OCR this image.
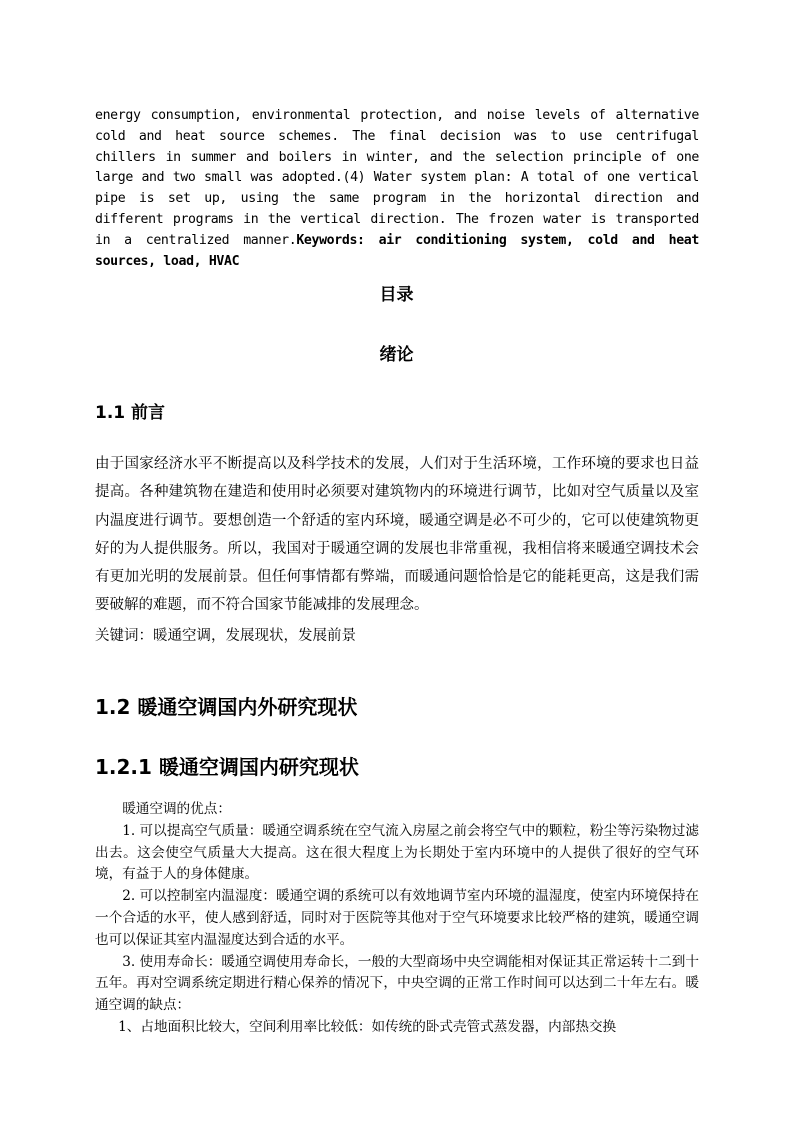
energy consumption, environmental protection, and noise levels of alternative cold and heat source schemes. The final decision was to use centrifugal chillers in summer and boilers in winter, and the selection principle of one large and two small was adopted.(4) Water system plan: A total of one vertical pipe is set up, using the same program in the horizontal direction and different programs in the vertical direction. The frozen water is transported in a centralized manner.Keywords: air conditioning system, cold and heat sources, load, HVAC
目录
绪论
1.1 前言

由于国家经济水平不断提高以及科学技术的发展，人们对于生活环境，工作环境的要求也日益提高。各种建筑物在建造和使用时必须要对建筑物内的环境进行调节，比如对空气质量以及室内温度进行调节。要想创造一个舒适的室内环境，暖通空调是必不可少的，它可以使建筑物更好的为人提供服务。所以，我国对于暖通空调的发展也非常重视，我相信将来暖通空调技术会有更加光明的发展前景。但任何事情都有弊端，而暖通问题恰恰是它的能耗更高，这是我们需要破解的难题，而不符合国家节能减排的发展理念。

关键词：暖通空调，发展现状，发展前景

1.2 暖通空调国内外研究现状
1.2.1 暖通空调国内研究现状

暖通空调的优点：

1. 可以提高空气质量：暖通空调系统在空气流入房屋之前会将空气中的颗粒，粉尘等污染物过滤出去。这会使空气质量大大提高。这在很大程度上为长期处于室内环境中的人提供了很好的空气环境，有益于人的身体健康。

2. 可以控制室内温湿度：暖通空调的系统可以有效地调节室内环境的温湿度，使室内环境保持在一个合适的水平，使人感到舒适，同时对于医院等其他对于空气环境要求比较严格的建筑，暖通空调也可以保证其室内温湿度达到合适的水平。

3. 使用寿命长：暖通空调使用寿命长，一般的大型商场中央空调能相对保证其正常运转十二到十五年。再对空调系统定期进行精心保养的情况下，中央空调的正常工作时间可以达到二十年左右。暖通空调的缺点：

1、占地面积比较大，空间利用率比较低：如传统的卧式壳管式蒸发器，内部热交换
